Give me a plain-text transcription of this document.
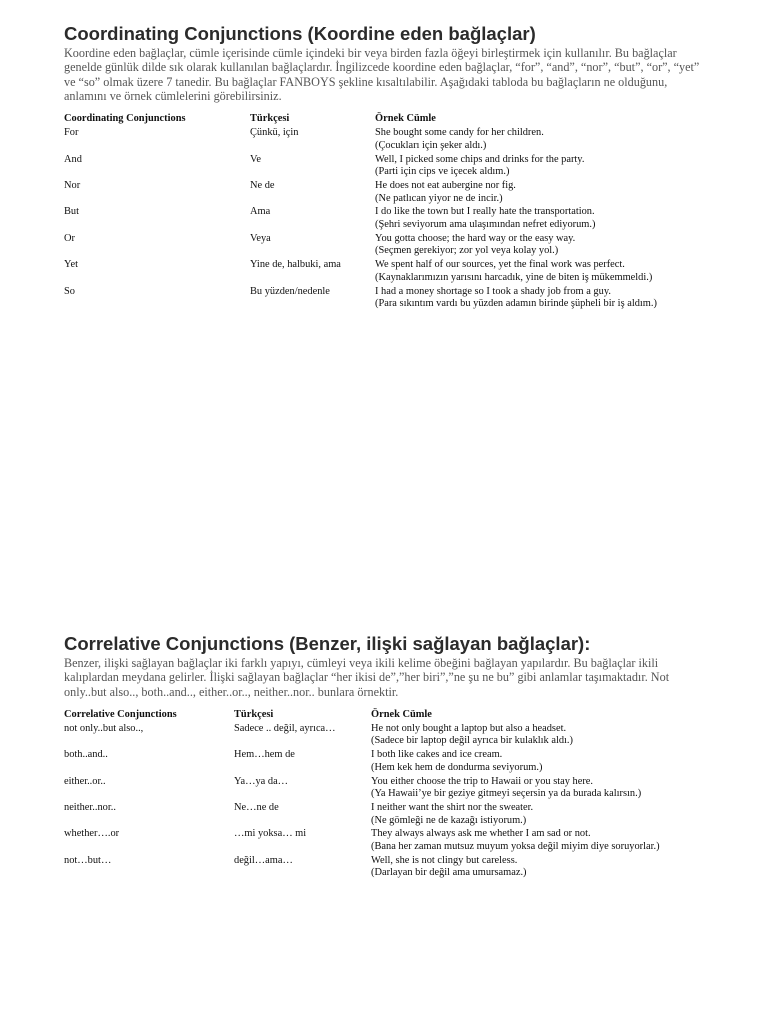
Coordinating Conjunctions (Koordine eden bağlaçlar)

Koordine eden bağlaçlar, cümle içerisinde cümle içindeki bir veya birden fazla öğeyi birleştirmek için kullanılır. Bu bağlaçlar genelde günlük dilde sık olarak kullanılan bağlaçlardır. İngilizcede koordine eden bağlaçlar, “for”, “and”, “nor”, “but”, “or”, “yet” ve “so” olmak üzere 7 tanedir. Bu bağlaçlar FANBOYS şekline kısaltılabilir. Aşağıdaki tabloda bu bağlaçların ne olduğunu, anlamını ve örnek cümlelerini görebilirsiniz.

Coordinating Conjunctions	Türkçesi	Örnek Cümle
For	Çünkü, için	She bought some candy for her children.
(Çocukları için şeker aldı.)

And	Ve	Well, I picked some chips and drinks for the party.
(Parti için cips ve içecek aldım.)

Nor	Ne de	He does not eat aubergine nor fig.
(Ne patlıcan yiyor ne de incir.)

But	Ama	I do like the town but I really hate the transportation.
(Şehri seviyorum ama ulaşımından nefret ediyorum.)

Or	Veya	You gotta choose; the hard way or the easy way.
(Seçmen gerekiyor; zor yol veya kolay yol.)

Yet	Yine de, halbuki, ama	We spent half of our sources, yet the final work was perfect.
(Kaynaklarımızın yarısını harcadık, yine de biten iş mükemmeldi.)

So	Bu yüzden/nedenle	I had a money shortage so I took a shady job from a guy.
(Para sıkıntım vardı bu yüzden adamın birinde şüpheli bir iş aldım.)
Correlative Conjunctions (Benzer, ilişki sağlayan bağlaçlar):

Benzer, ilişki sağlayan bağlaçlar iki farklı yapıyı, cümleyi veya ikili kelime öbeğini bağlayan yapılardır. Bu bağlaçlar ikili kalıplardan meydana gelirler. İlişki sağlayan bağlaçlar “her ikisi de”,”her biri”,”ne şu ne bu” gibi anlamlar taşımaktadır. Not only..but also.., both..and.., either..or.., neither..nor.. bunlara örnektir.

Correlative Conjunctions	Türkçesi	Örnek Cümle
not only..but also..,	Sadece .. değil, ayrıca…	He not only bought a laptop but also a headset.
(Sadece bir laptop değil ayrıca bir kulaklık aldı.)

both..and..	Hem…hem de	I both like cakes and ice cream.
(Hem kek hem de dondurma seviyorum.)

either..or..	Ya…ya da…	You either choose the trip to Hawaii or you stay here.
(Ya Hawaii’ye bir geziye gitmeyi seçersin ya da burada kalırsın.)

neither..nor..	Ne…ne de	I neither want the shirt nor the sweater.
(Ne gömleği ne de kazağı istiyorum.)

whether….or	…mi yoksa… mi	They always always ask me whether I am sad or not.
(Bana her zaman mutsuz muyum yoksa değil miyim diye soruyorlar.)

not…but…	değil…ama…	Well, she is not clingy but careless.
(Darlayan bir değil ama umursamaz.)
